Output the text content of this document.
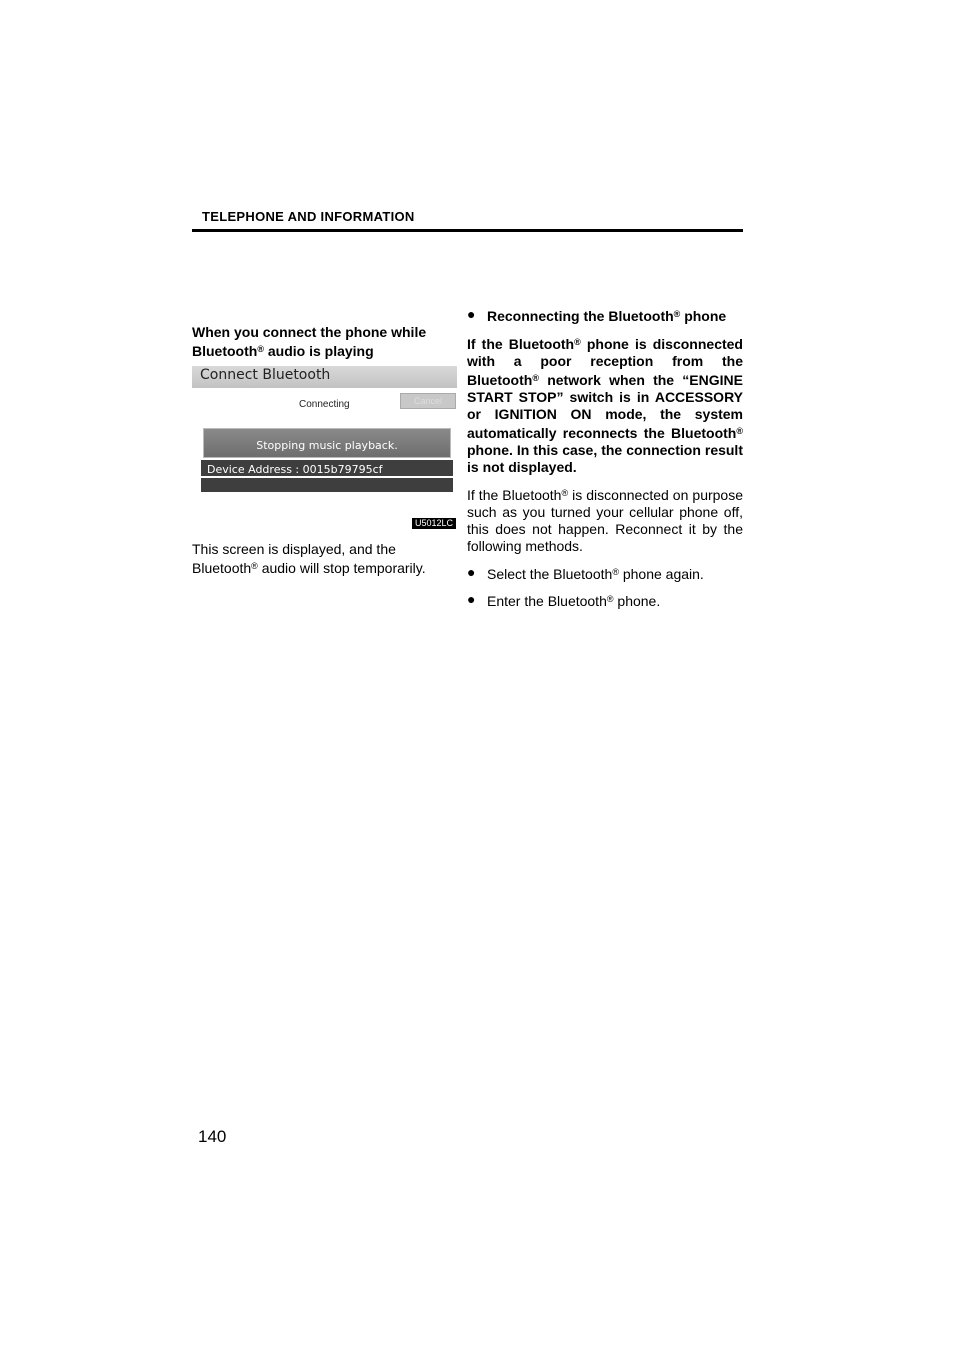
TELEPHONE AND INFORMATION

When you connect the phone while
Bluetooth® audio is playing

Connect Bluetooth
Connecting	Cancel
Stopping music playback.
Device Address : 0015b79795cf
U5012LC

This screen is displayed, and the
Bluetooth® audio will stop temporarily.

● Reconnecting the Bluetooth® phone

If the Bluetooth® phone is disconnected with a poor reception from the Bluetooth® network when the “ENGINE START STOP” switch is in ACCESSORY or IGNITION ON mode, the system automatically reconnects the Bluetooth® phone. In this case, the connection result is not displayed.

If the Bluetooth® is disconnected on purpose such as you turned your cellular phone off, this does not happen. Reconnect it by the following methods.

● Select the Bluetooth® phone again.
● Enter the Bluetooth® phone.
140
